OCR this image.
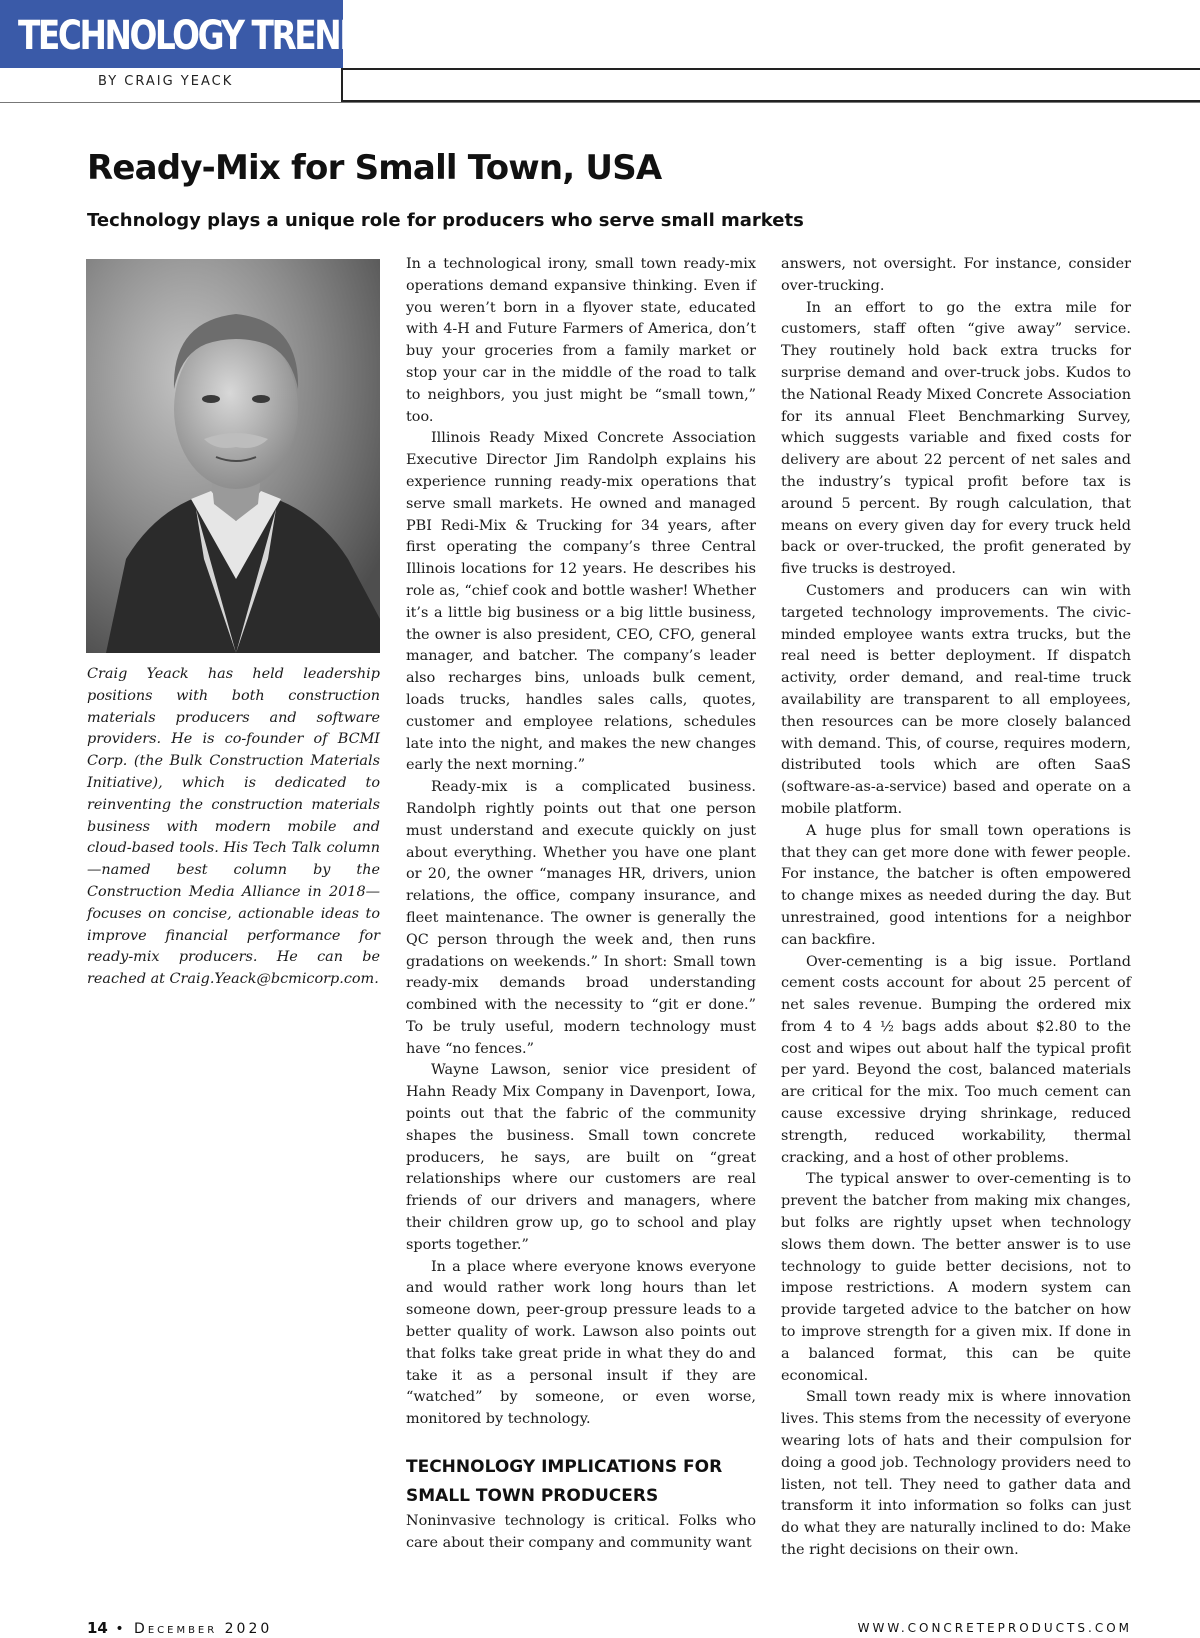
TECHNOLOGY TRENDS
BY CRAIG YEACK
Ready-Mix for Small Town, USA
Technology plays a unique role for producers who serve small markets

Craig Yeack has held leadership positions with both construction materials producers and software providers. He is co-founder of BCMI Corp. (the Bulk Construction Materials Initiative), which is dedicated to reinventing the construction materials business with modern mobile and cloud-based tools. His Tech Talk column—named best column by the Construction Media Alliance in 2018—focuses on concise, actionable ideas to improve financial performance for ready-mix producers. He can be reached at Craig.Yeack@bcmicorp.com.

In a technological irony, small town ready-mix operations demand expansive thinking. Even if you weren’t born in a flyover state, educated with 4-H and Future Farmers of America, don’t buy your groceries from a family market or stop your car in the middle of the road to talk to neighbors, you just might be “small town,” too.

Illinois Ready Mixed Concrete Association Executive Director Jim Randolph explains his experience running ready-mix operations that serve small markets. He owned and managed PBI Redi-Mix & Trucking for 34 years, after first operating the company’s three Central Illinois locations for 12 years. He describes his role as, “chief cook and bottle washer! Whether it’s a little big business or a big little business, the owner is also president, CEO, CFO, general manager, and batcher. The company’s leader also recharges bins, unloads bulk cement, loads trucks, handles sales calls, quotes, customer and employee relations, schedules late into the night, and makes the new changes early the next morning.”

Ready-mix is a complicated business. Randolph rightly points out that one person must understand and execute quickly on just about everything. Whether you have one plant or 20, the owner “manages HR, drivers, union relations, the office, company insurance, and fleet maintenance. The owner is generally the QC person through the week and, then runs gradations on weekends.” In short: Small town ready-mix demands broad understanding combined with the necessity to “git er done.” To be truly useful, modern technology must have “no fences.”

Wayne Lawson, senior vice president of Hahn Ready Mix Company in Davenport, Iowa, points out that the fabric of the community shapes the business. Small town concrete producers, he says, are built on “great relationships where our customers are real friends of our drivers and managers, where their children grow up, go to school and play sports together.”

In a place where everyone knows everyone and would rather work long hours than let someone down, peer-group pressure leads to a better quality of work. Lawson also points out that folks take great pride in what they do and take it as a personal insult if they are “watched” by someone, or even worse, monitored by technology.

TECHNOLOGY IMPLICATIONS FOR SMALL TOWN PRODUCERS

Noninvasive technology is critical. Folks who care about their company and community want

answers, not oversight. For instance, consider over-trucking.

In an effort to go the extra mile for customers, staff often “give away” service. They routinely hold back extra trucks for surprise demand and over-truck jobs. Kudos to the National Ready Mixed Concrete Association for its annual Fleet Benchmarking Survey, which suggests variable and fixed costs for delivery are about 22 percent of net sales and the industry’s typical profit before tax is around 5 percent. By rough calculation, that means on every given day for every truck held back or over-trucked, the profit generated by five trucks is destroyed.

Customers and producers can win with targeted technology improvements. The civic-minded employee wants extra trucks, but the real need is better deployment. If dispatch activity, order demand, and real-time truck availability are transparent to all employees, then resources can be more closely balanced with demand. This, of course, requires modern, distributed tools which are often SaaS (software-as-a-service) based and operate on a mobile platform.

A huge plus for small town operations is that they can get more done with fewer people. For instance, the batcher is often empowered to change mixes as needed during the day. But unrestrained, good intentions for a neighbor can backfire.

Over-cementing is a big issue. Portland cement costs account for about 25 percent of net sales revenue. Bumping the ordered mix from 4 to 4 ½ bags adds about $2.80 to the cost and wipes out about half the typical profit per yard. Beyond the cost, balanced materials are critical for the mix. Too much cement can cause excessive drying shrinkage, reduced strength, reduced workability, thermal cracking, and a host of other problems.

The typical answer to over-cementing is to prevent the batcher from making mix changes, but folks are rightly upset when technology slows them down. The better answer is to use technology to guide better decisions, not to impose restrictions. A modern system can provide targeted advice to the batcher on how to improve strength for a given mix. If done in a balanced format, this can be quite economical.

Small town ready mix is where innovation lives. This stems from the necessity of everyone wearing lots of hats and their compulsion for doing a good job. Technology providers need to listen, not tell. They need to gather data and transform it into information so folks can just do what they are naturally inclined to do: Make the right decisions on their own.

14 • December 2020	WWW.CONCRETEPRODUCTS.COM
